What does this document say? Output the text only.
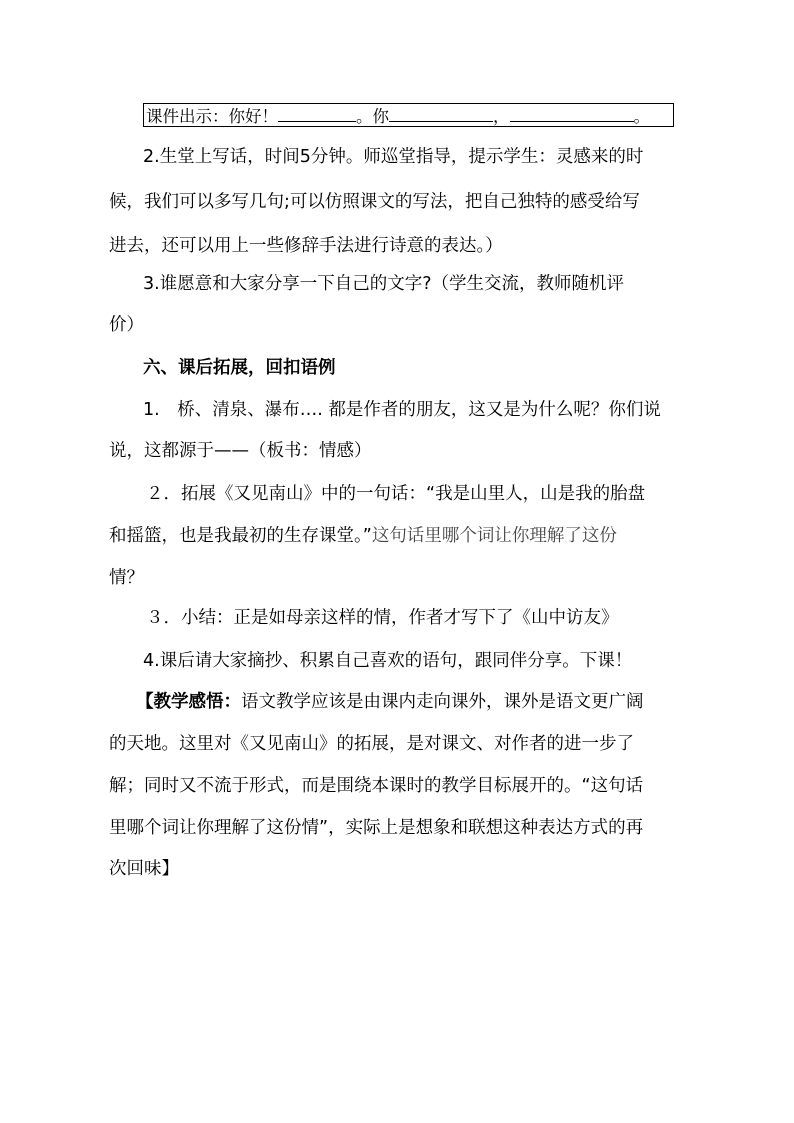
课件出示：你好！	。你	，	。
2.生堂上写话，时间5分钟。师巡堂指导，提示学生：灵感来的时
候，我们可以多写几句;可以仿照课文的写法，把自己独特的感受给写
进去，还可以用上一些修辞手法进行诗意的表达。）
3.谁愿意和大家分享一下自己的文字?（学生交流，教师随机评
价）
六、课后拓展，回扣语例
1.　桥、清泉、瀑布…. 都是作者的朋友，这又是为什么呢？你们说
说，这都源于——（板书：情感）
２．拓展《又见南山》中的一句话：“我是山里人，山是我的胎盘
和摇篮，也是我最初的生存课堂。”这句话里哪个词让你理解了这份
情？
３．小结：正是如母亲这样的情，作者才写下了《山中访友》
4.课后请大家摘抄、积累自己喜欢的语句，跟同伴分享。下课！
【教学感悟：语文教学应该是由课内走向课外，课外是语文更广阔
的天地。这里对《又见南山》的拓展，是对课文、对作者的进一步了
解；同时又不流于形式，而是围绕本课时的教学目标展开的。“这句话
里哪个词让你理解了这份情”，实际上是想象和联想这种表达方式的再
次回味】
